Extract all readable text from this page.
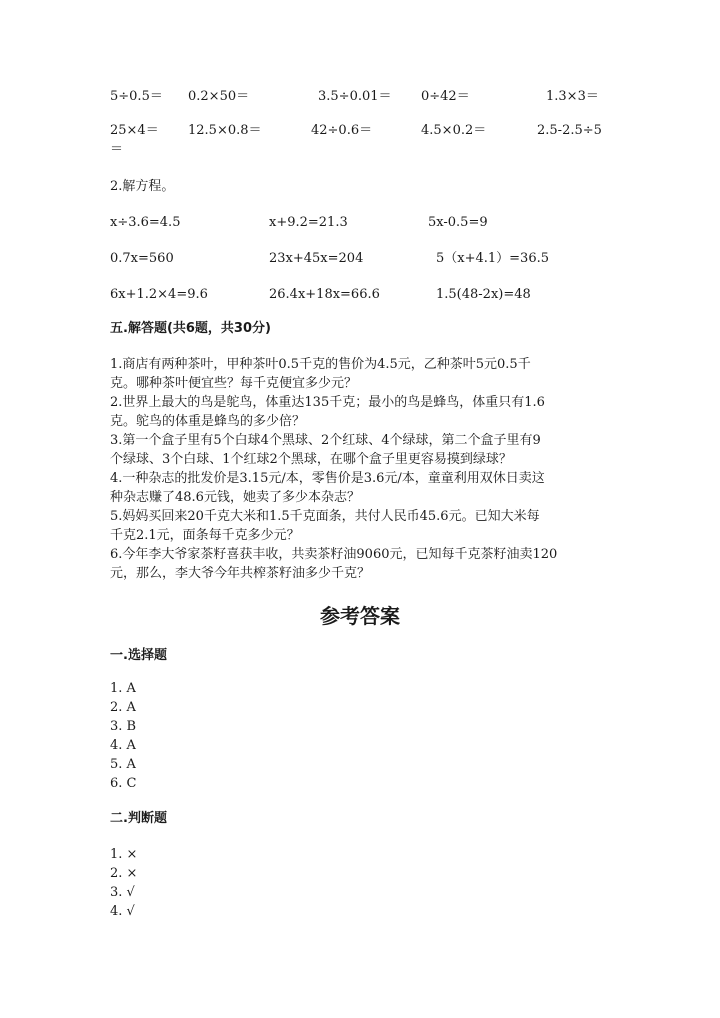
5÷0.5＝ 0.2×50＝	3.5÷0.01＝ 0÷42＝	1.3×3＝
25×4＝ 12.5×0.8＝	42÷0.6＝	4.5×0.2＝	2.5-2.5÷5
＝
2.解方程。
x÷3.6=4.5	x+9.2=21.3	5x-0.5=9
0.7x=560	23x+45x=204	5（x+4.1）=36.5
6x+1.2×4=9.6	26.4x+18x=66.6	1.5(48-2x)=48
五.解答题(共6题，共30分)
1.商店有两种茶叶，甲种茶叶0.5千克的售价为4.5元，乙种茶叶5元0.5千
克。哪种茶叶便宜些？每千克便宜多少元？
2.世界上最大的鸟是鸵鸟，体重达135千克；最小的鸟是蜂鸟，体重只有1.6
克。鸵鸟的体重是蜂鸟的多少倍？
3.第一个盒子里有5个白球4个黑球、2个红球、4个绿球，第二个盒子里有9
个绿球、3个白球、1个红球2个黑球，在哪个盒子里更容易摸到绿球？
4.一种杂志的批发价是3.15元/本，零售价是3.6元/本，童童利用双休日卖这
种杂志赚了48.6元钱，她卖了多少本杂志？
5.妈妈买回来20千克大米和1.5千克面条，共付人民币45.6元。已知大米每
千克2.1元，面条每千克多少元？
6.今年李大爷家茶籽喜获丰收，共卖茶籽油9060元，已知每千克茶籽油卖120
元，那么，李大爷今年共榨茶籽油多少千克？
参考答案
一.选择题
1. A
2. A
3. B
4. A
5. A
6. C
二.判断题
1. ×
2. ×
3. √
4. √
